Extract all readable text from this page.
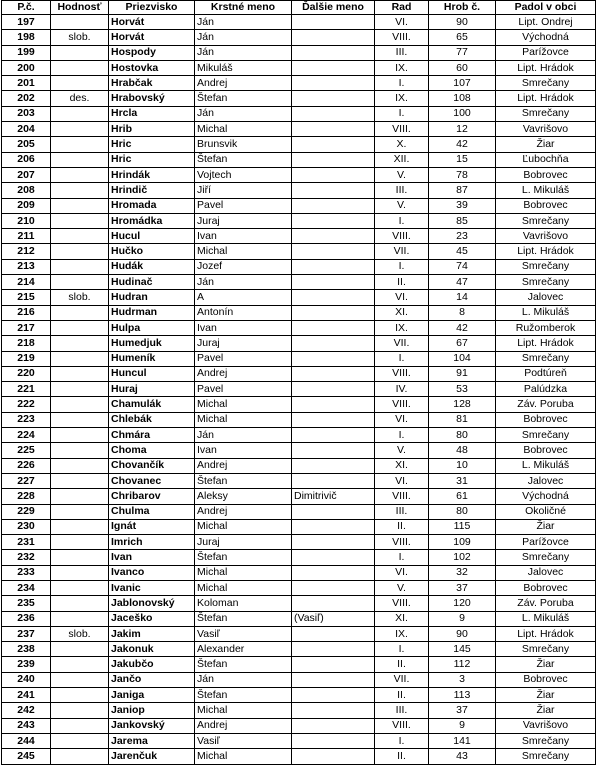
P.č.	Hodnosť	Priezvisko	Krstné meno	Ďalšie meno	Rad	Hrob č.	Padol v obci
197		Horvát	Ján		VI.	90	Lipt. Ondrej
198	slob.	Horvát	Ján		VIII.	65	Východná
199		Hospody	Ján		III.	77	Parížovce
200		Hostovka	Mikuláš		IX.	60	Lipt. Hrádok
201		Hrabčak	Andrej		I.	107	Smrečany
202	des.	Hrabovský	Štefan		IX.	108	Lipt. Hrádok
203		Hrcla	Ján		I.	100	Smrečany
204		Hrib	Michal		VIII.	12	Vavrišovo
205		Hric	Brunsvik		X.	42	Žiar
206		Hric	Štefan		XII.	15	Ľubochňa
207		Hrindák	Vojtech		V.	78	Bobrovec
208		Hrindič	Jiří		III.	87	L. Mikuláš
209		Hromada	Pavel		V.	39	Bobrovec
210		Hromádka	Juraj		I.	85	Smrečany
211		Hucul	Ivan		VIII.	23	Vavrišovo
212		Hučko	Michal		VII.	45	Lipt. Hrádok
213		Hudák	Jozef		I.	74	Smrečany
214		Hudinač	Ján		II.	47	Smrečany
215	slob.	Hudran	A		VI.	14	Jalovec
216		Hudrman	Antonín		XI.	8	L. Mikuláš
217		Hulpa	Ivan		IX.	42	Ružomberok
218		Humedjuk	Juraj		VII.	67	Lipt. Hrádok
219		Humeník	Pavel		I.	104	Smrečany
220		Huncul	Andrej		VIII.	91	Podtúreň
221		Huraj	Pavel		IV.	53	Palúdzka
222		Chamulák	Michal		VIII.	128	Záv. Poruba
223		Chlebák	Michal		VI.	81	Bobrovec
224		Chmára	Ján		I.	80	Smrečany
225		Choma	Ivan		V.	48	Bobrovec
226		Chovančík	Andrej		XI.	10	L. Mikuláš
227		Chovanec	Štefan		VI.	31	Jalovec
228		Chribarov	Aleksy	Dimitrivič	VIII.	61	Východná
229		Chulma	Andrej		III.	80	Okoličné
230		Ignát	Michal		II.	115	Žiar
231		Imrich	Juraj		VIII.	109	Parížovce
232		Ivan	Štefan		I.	102	Smrečany
233		Ivanco	Michal		VI.	32	Jalovec
234		Ivanic	Michal		V.	37	Bobrovec
235		Jablonovský	Koloman		VIII.	120	Záv. Poruba
236		Jaceško	Štefan	(Vasiľ)	XI.	9	L. Mikuláš
237	slob.	Jakim	Vasiľ		IX.	90	Lipt. Hrádok
238		Jakonuk	Alexander		I.	145	Smrečany
239		Jakubčo	Štefan		II.	112	Žiar
240		Jančo	Ján		VII.	3	Bobrovec
241		Janiga	Štefan		II.	113	Žiar
242		Janiop	Michal		III.	37	Žiar
243		Jankovský	Andrej		VIII.	9	Vavrišovo
244		Jarema	Vasiľ		I.	141	Smrečany
245		Jarenčuk	Michal		II.	43	Smrečany
